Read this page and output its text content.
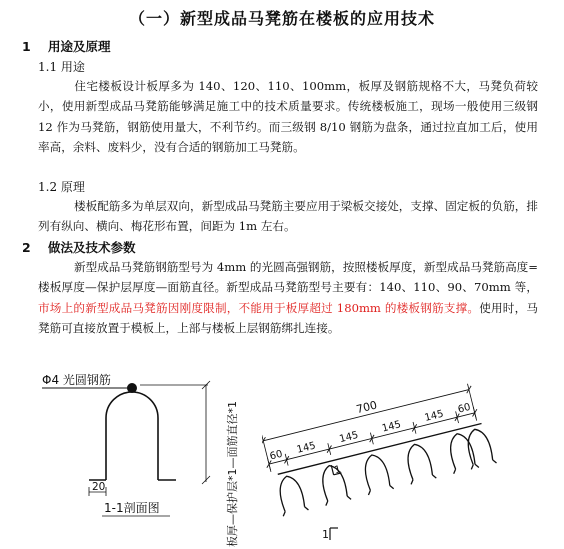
（一）新型成品马凳筋在楼板的应用技术
1 用途及原理
1.1 用途
住宅楼板设计板厚多为 140、120、110、100mm，板厚及钢筋规格不大，马凳负荷较小，使用新型成品马凳筋能够满足施工中的技术质量要求。传统楼板施工，现场一般使用三级钢 12 作为马凳筋，钢筋使用量大，不利节约。而三级钢 8/10 钢筋为盘条，通过拉直加工后，使用率高，余料、废料少，没有合适的钢筋加工马凳筋。
1.2 原理
楼板配筋多为单层双向，新型成品马凳筋主要应用于梁板交接处，支撑、固定板的负筋，排列有纵向、横向、梅花形布置，间距为 1m 左右。
2 做法及技术参数
新型成品马凳筋钢筋型号为 4mm 的光圆高强钢筋，按照楼板厚度，新型成品马凳筋高度=楼板厚度—保护层厚度—面筋直径。新型成品马凳筋型号主要有：140、110、90、70mm 等，市场上的新型成品马凳筋因刚度限制，不能用于板厚超过 180mm 的楼板钢筋支撑。使用时，马凳筋可直接放置于模板上，上部与楼板上层钢筋绑扎连接。
Φ4 光圆钢筋
20	板厚—保护层*1—面筋直径*1
1-1剖面图
700
60 145
145
145
145 60
1
1
